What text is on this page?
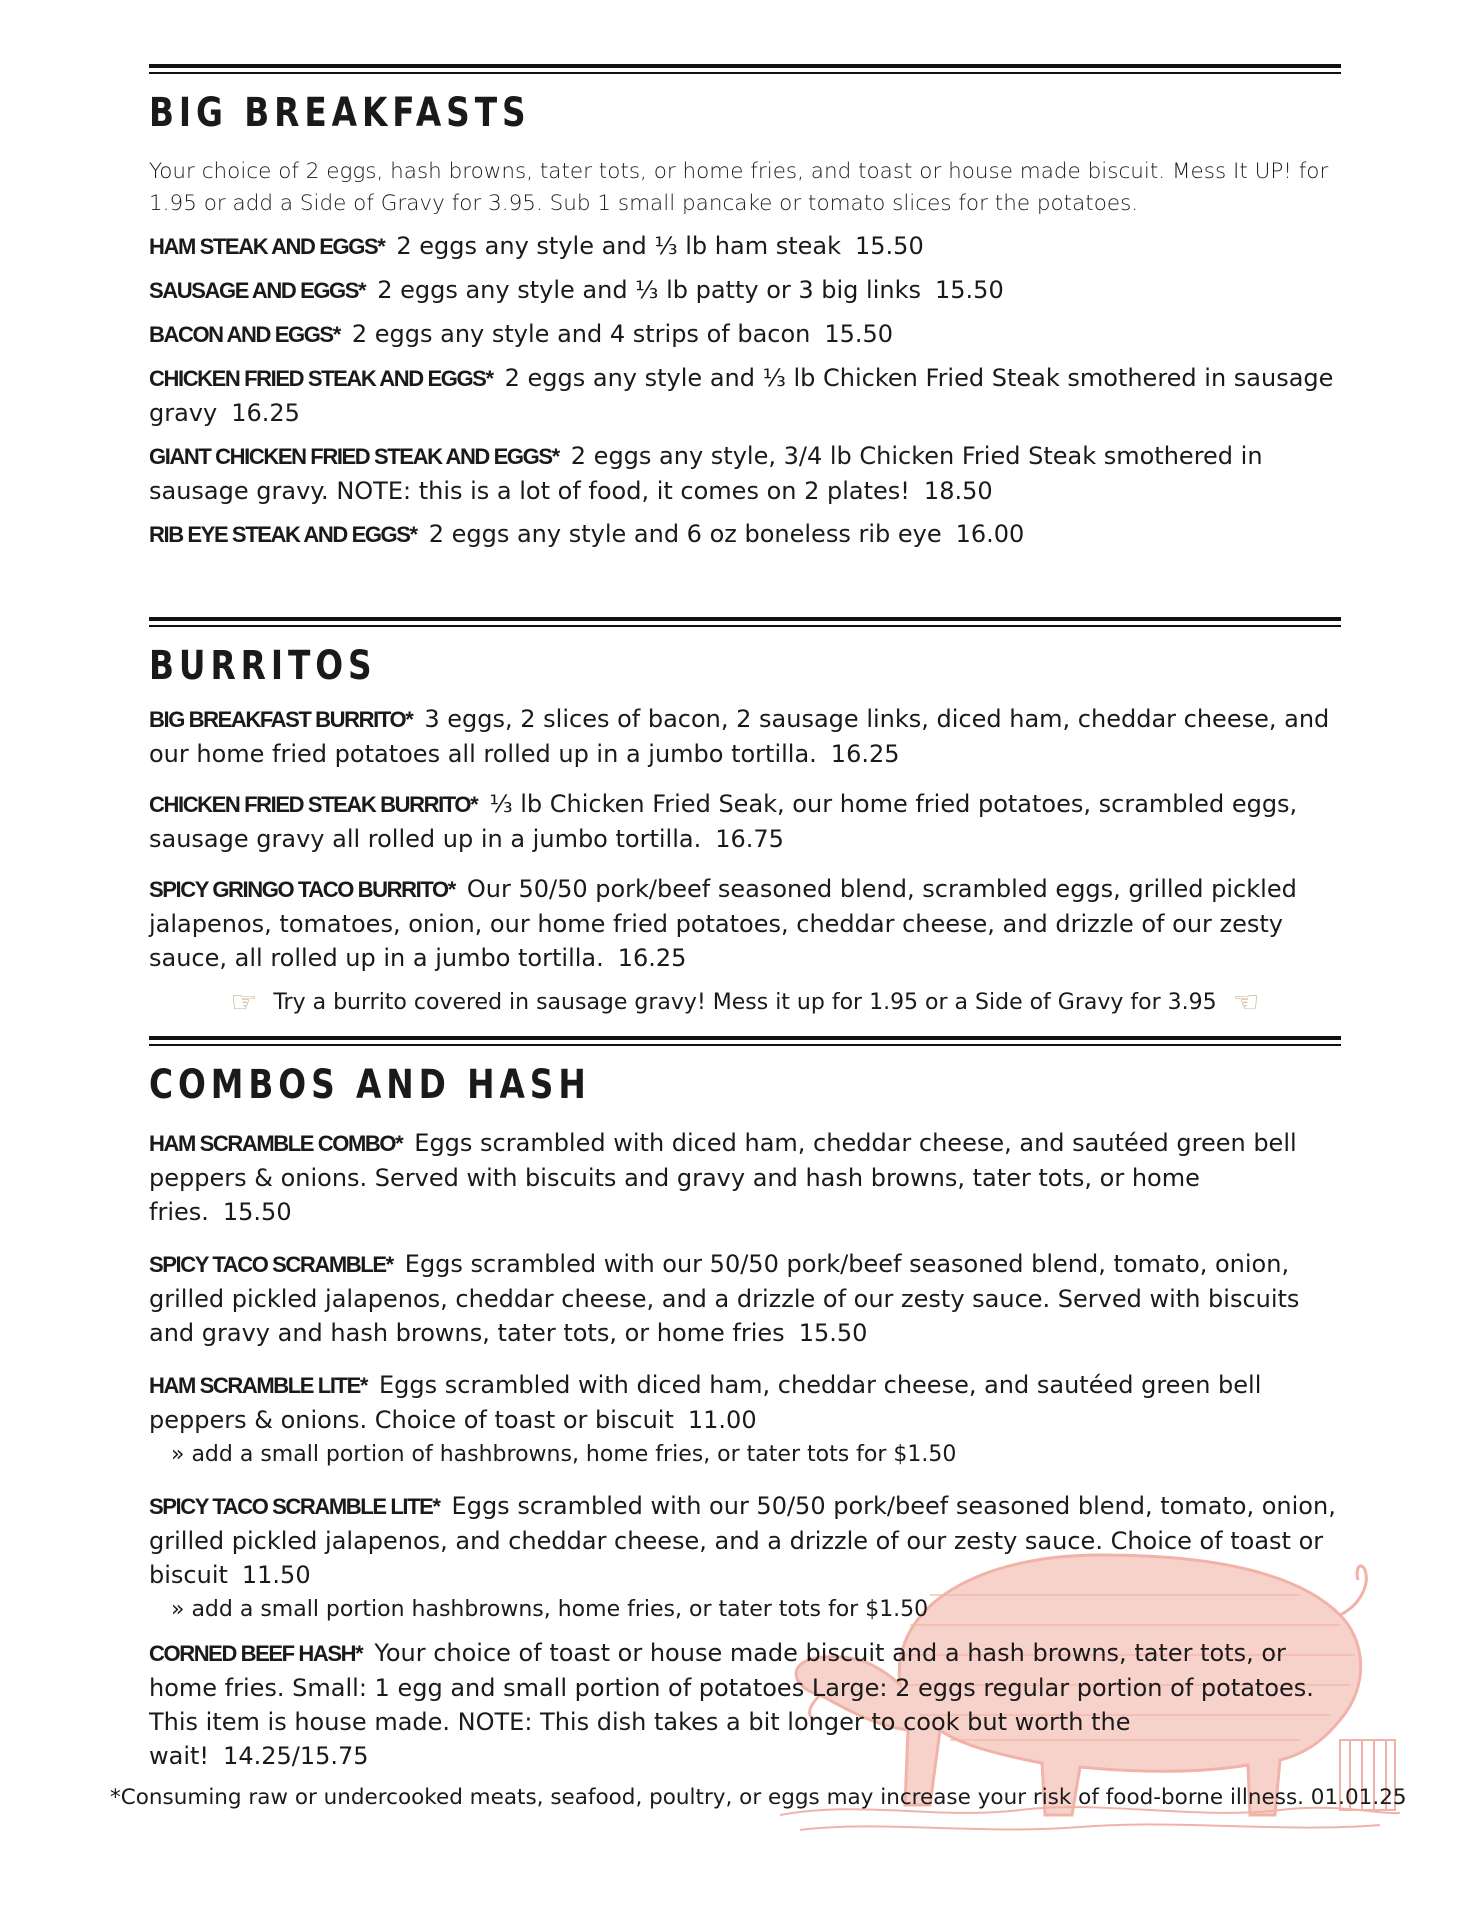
BIG BREAKFASTS
Your choice of 2 eggs, hash browns, tater tots, or home fries, and toast or house made biscuit. Mess It UP! for 1.95 or add a Side of Gravy for 3.95. Sub 1 small pancake or tomato slices for the potatoes.
HAM STEAK AND EGGS* 2 eggs any style and ⅓ lb ham steak 15.50
SAUSAGE AND EGGS* 2 eggs any style and ⅓ lb patty or 3 big links 15.50
BACON AND EGGS* 2 eggs any style and 4 strips of bacon 15.50
CHICKEN FRIED STEAK AND EGGS* 2 eggs any style and ⅓ lb Chicken Fried Steak smothered in sausage gravy 16.25
GIANT CHICKEN FRIED STEAK AND EGGS* 2 eggs any style, 3/4 lb Chicken Fried Steak smothered in sausage gravy. NOTE: this is a lot of food, it comes on 2 plates! 18.50
RIB EYE STEAK AND EGGS* 2 eggs any style and 6 oz boneless rib eye 16.00
BURRITOS
BIG BREAKFAST BURRITO* 3 eggs, 2 slices of bacon, 2 sausage links, diced ham, cheddar cheese, and our home fried potatoes all rolled up in a jumbo tortilla. 16.25
CHICKEN FRIED STEAK BURRITO* ⅓ lb Chicken Fried Seak, our home fried potatoes, scrambled eggs, sausage gravy all rolled up in a jumbo tortilla. 16.75
SPICY GRINGO TACO BURRITO* Our 50/50 pork/beef seasoned blend, scrambled eggs, grilled pickled jalapenos, tomatoes, onion, our home fried potatoes, cheddar cheese, and drizzle of our zesty sauce, all rolled up in a jumbo tortilla. 16.25
☞ Try a burrito covered in sausage gravy! Mess it up for 1.95 or a Side of Gravy for 3.95 ☜
COMBOS AND HASH
HAM SCRAMBLE COMBO* Eggs scrambled with diced ham, cheddar cheese, and sautéed green bell peppers & onions. Served with biscuits and gravy and hash browns, tater tots, or home fries. 15.50
SPICY TACO SCRAMBLE* Eggs scrambled with our 50/50 pork/beef seasoned blend, tomato, onion, grilled pickled jalapenos, cheddar cheese, and a drizzle of our zesty sauce. Served with biscuits and gravy and hash browns, tater tots, or home fries 15.50
HAM SCRAMBLE LITE* Eggs scrambled with diced ham, cheddar cheese, and sautéed green bell peppers & onions. Choice of toast or biscuit 11.00
» add a small portion of hashbrowns, home fries, or tater tots for $1.50
SPICY TACO SCRAMBLE LITE* Eggs scrambled with our 50/50 pork/beef seasoned blend, tomato, onion, grilled pickled jalapenos, and cheddar cheese, and a drizzle of our zesty sauce. Choice of toast or biscuit 11.50
» add a small portion hashbrowns, home fries, or tater tots for $1.50
CORNED BEEF HASH* Your choice of toast or house made biscuit and a hash browns, tater tots, or home fries. Small: 1 egg and small portion of potatoes Large: 2 eggs regular portion of potatoes. This item is house made. NOTE: This dish takes a bit longer to cook but worth the wait! 14.25/15.75
*Consuming raw or undercooked meats, seafood, poultry, or eggs may increase your risk of food-borne illness. 01.01.25
